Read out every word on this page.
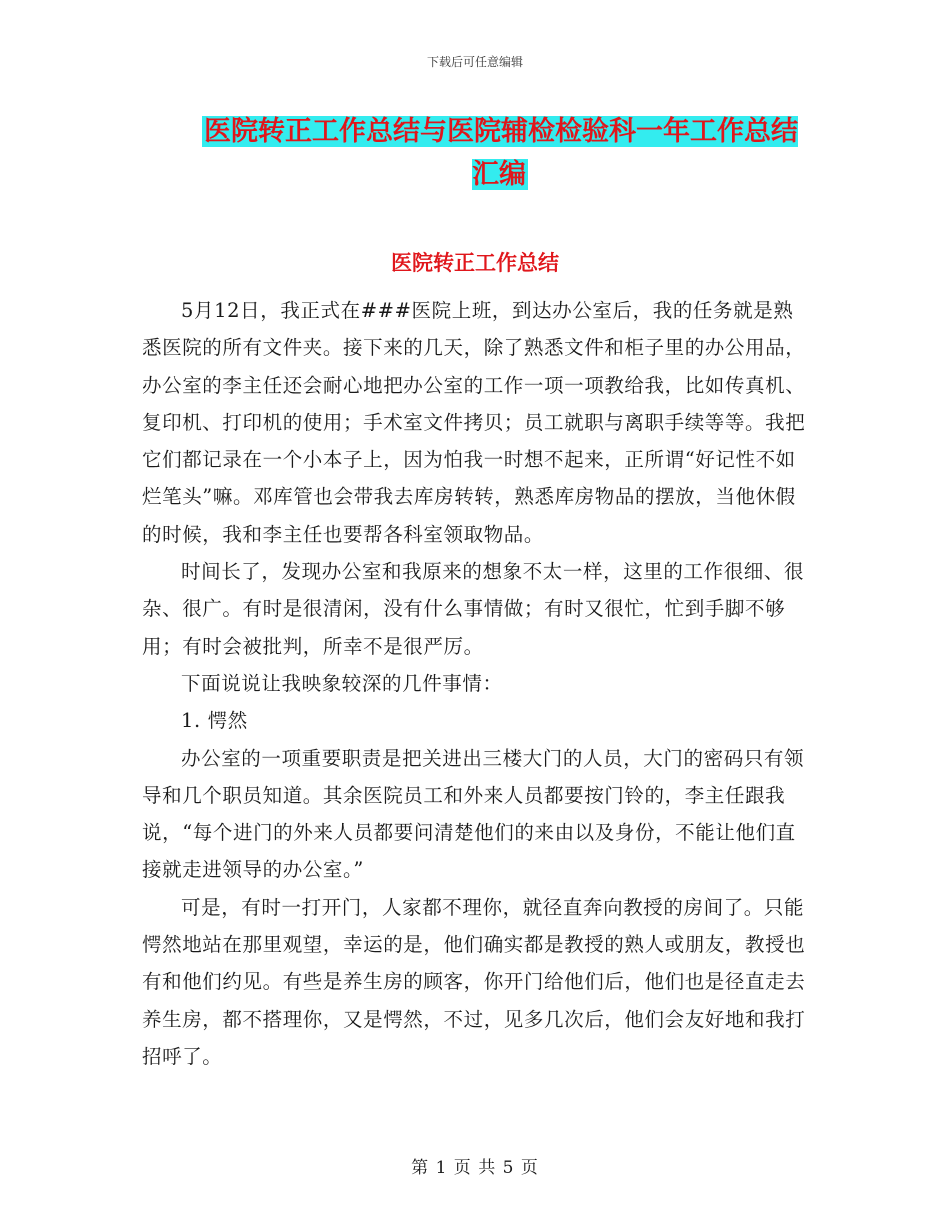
下载后可任意编辑
医院转正工作总结与医院辅检检验科一年工作总结汇编
医院转正工作总结

5月12日，我正式在###医院上班，到达办公室后，我的任务就是熟悉医院的所有文件夹。接下来的几天，除了熟悉文件和柜子里的办公用品，办公室的李主任还会耐心地把办公室的工作一项一项教给我，比如传真机、复印机、打印机的使用；手术室文件拷贝；员工就职与离职手续等等。我把它们都记录在一个小本子上，因为怕我一时想不起来，正所谓“好记性不如烂笔头”嘛。邓库管也会带我去库房转转，熟悉库房物品的摆放，当他休假的时候，我和李主任也要帮各科室领取物品。

时间长了，发现办公室和我原来的想象不太一样，这里的工作很细、很杂、很广。有时是很清闲，没有什么事情做；有时又很忙，忙到手脚不够用；有时会被批判，所幸不是很严厉。

下面说说让我映象较深的几件事情：

1. 愕然

办公室的一项重要职责是把关进出三楼大门的人员，大门的密码只有领导和几个职员知道。其余医院员工和外来人员都要按门铃的，李主任跟我说，“每个进门的外来人员都要问清楚他们的来由以及身份，不能让他们直接就走进领导的办公室。”

可是，有时一打开门，人家都不理你，就径直奔向教授的房间了。只能愕然地站在那里观望，幸运的是，他们确实都是教授的熟人或朋友，教授也有和他们约见。有些是养生房的顾客，你开门给他们后，他们也是径直走去养生房，都不搭理你，又是愕然，不过，见多几次后，他们会友好地和我打招呼了。

第 1 页 共 5 页
